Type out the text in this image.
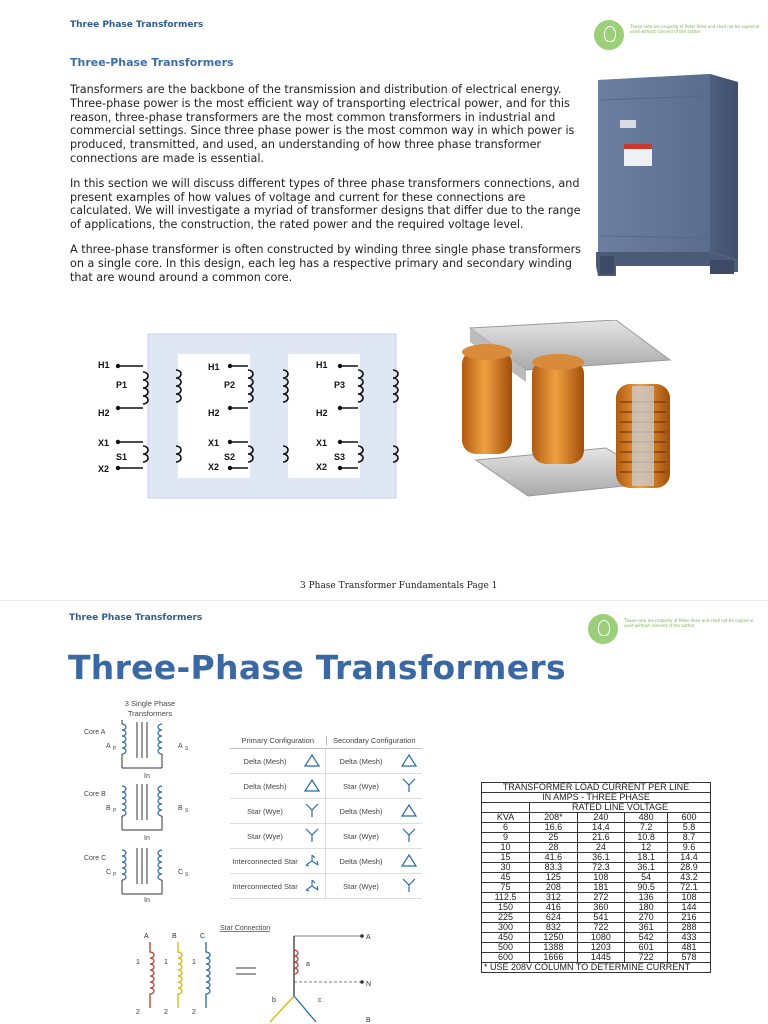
Three Phase Transformers	These note are property of Peter Shea and shall not be copied or used without consent of the author
Three-Phase Transformers

Transformers are the backbone of the transmission and distribution of electrical energy. Three-phase power is the most efficient way of transporting electrical power, and for this reason, three-phase transformers are the most common transformers in industrial and commercial settings. Since three phase power is the most common way in which power is produced, transmitted, and used, an understanding of how three phase transformer connections are made is essential.

In this section we will discuss different types of three phase transformers connections, and present examples of how values of voltage and current for these connections are calculated. We will investigate a myriad of transformer designs that differ due to the range of applications, the construction, the rated power and the required voltage level.

A three-phase transformer is often constructed by winding three single phase transformers on a single core. In this design, each leg has a respective primary and secondary winding that are wound around a common core.

H1
P1
H2
X1
S1
X2
H1
P2
H2
X1
S2
X2
H1
P3
H2
X1
S3
X2
3 Phase Transformer Fundamentals Page 1
Three Phase Transformers	These note are property of Peter Shea and shall not be copied or used without consent of the author
Three-Phase Transformers
3 Single Phase Transformers
Core A
A	A
In
Core B
B	B
In
Core C
C	C
In
P	S
P	S
P	S
Primary Configuration	Secondary Configuration
Delta (Mesh)	Delta (Mesh)
Delta (Mesh)	Star (Wye)
Star (Wye)	Delta (Mesh)
Star (Wye)	Star (Wye)
Interconnected Star	Delta (Mesh)
Interconnected Star	Star (Wye)
Star Connection
A	B	C
1
2
1
2
1
2
A
N
B
a
b	c
TRANSFORMER LOAD CURRENT PER LINE				
IN AMPS - THREE PHASE				
	RATED LINE VOLTAGE			
KVA	208*	240	480	600
6	16.6	14.4	7.2	5.8
9	25	21.6	10.8	8.7
10	28	24	12	9.6
15	41.6	36.1	18.1	14.4
30	83.3	72.3	36.1	28.9
45	125	108	54	43.2
75	208	181	90.5	72.1
112.5	312	272	136	108
150	416	360	180	144
225	624	541	270	216
300	832	722	361	288
450	1250	1080	542	433
500	1388	1203	601	481
600	1666	1445	722	578
* USE 208V COLUMN TO DETERMINE CURRENT				
